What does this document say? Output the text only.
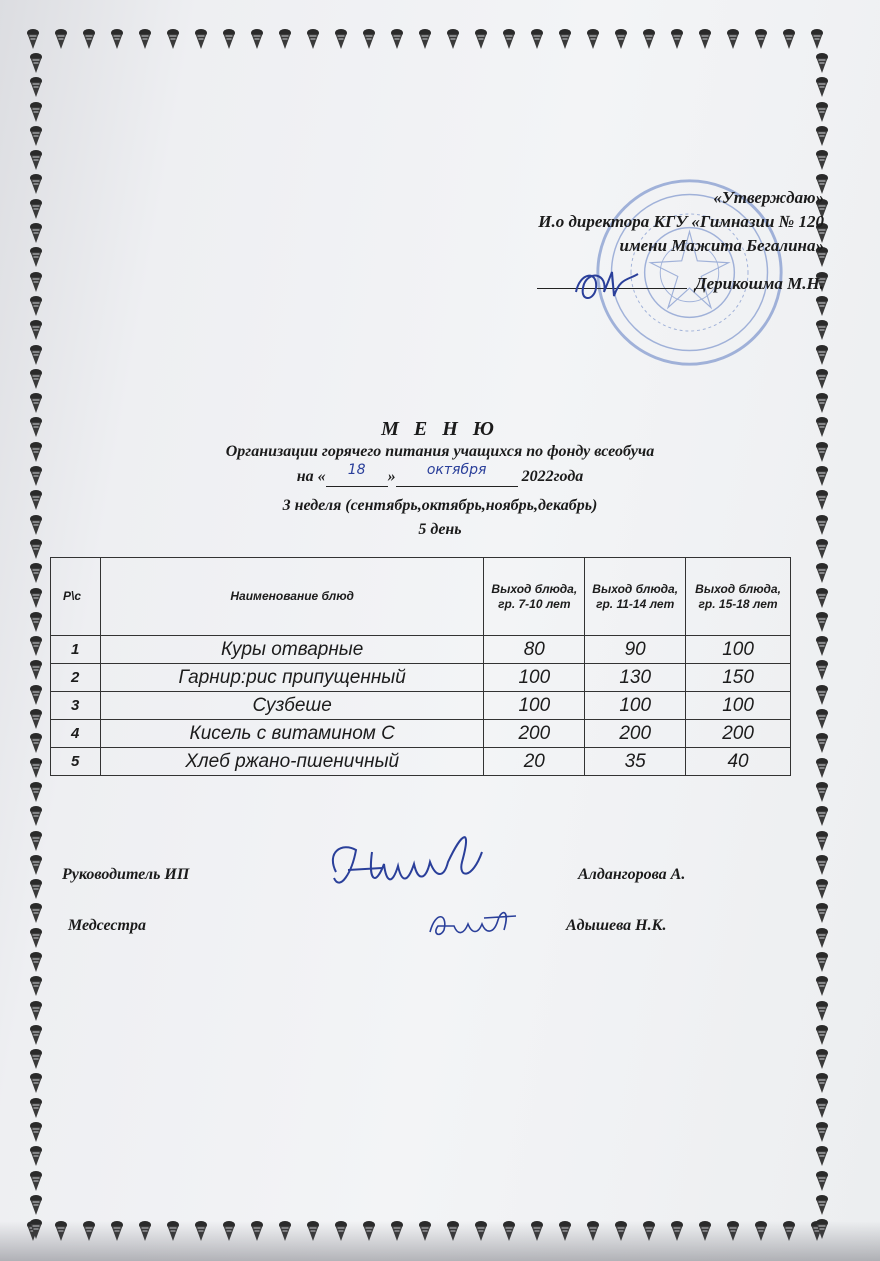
«Утверждаю»
И.о директора КГУ «Гимназии № 120
имени Мажита Бегалина»
Дерикошма М.Н.
М Е Н Ю
Организации горячего питания учащихся по фонду всеобуча
на «	18	»	октября	2022года
3 неделя (сентябрь,октябрь,ноябрь,декабрь)
5 день
Р\с	Наименование блюд	Выход блюда, гр. 7-10 лет	Выход блюда, гр. 11-14 лет	Выход блюда, гр. 15-18 лет
1	Куры отварные	80	90	100
2	Гарнир:рис припущенный	100	130	150
3	Сузбеше	100	100	100
4	Кисель с витамином С	200	200	200
5	Хлеб ржано-пшеничный	20	35	40
Руководитель ИП	Алдангорова А.
Медсестра	Адышева Н.К.
